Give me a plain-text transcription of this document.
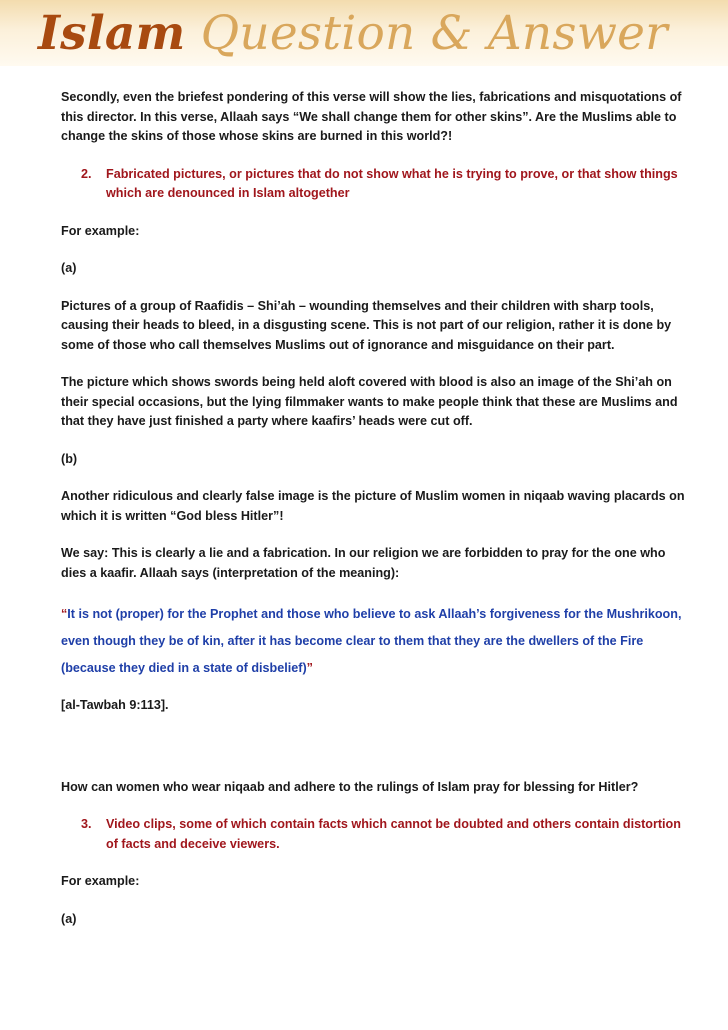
Islam Question & Answer

Secondly, even the briefest pondering of this verse will show the lies, fabrications and misquotations of this director. In this verse, Allaah says “We shall change them for other skins”. Are the Muslims able to change the skins of those whose skins are burned in this world?!

2.	Fabricated pictures, or pictures that do not show what he is trying to prove, or that show things which are denounced in Islam altogether

For example:

(a)

Pictures of a group of Raafidis – Shi’ah – wounding themselves and their children with sharp tools, causing their heads to bleed, in a disgusting scene. This is not part of our religion, rather it is done by some of those who call themselves Muslims out of ignorance and misguidance on their part.

The picture which shows swords being held aloft covered with blood is also an image of the Shi’ah on their special occasions, but the lying filmmaker wants to make people think that these are Muslims and that they have just finished a party where kaafirs’ heads were cut off.

(b)

Another ridiculous and clearly false image is the picture of Muslim women in niqaab waving placards on which it is written “God bless Hitler”!

We say: This is clearly a lie and a fabrication. In our religion we are forbidden to pray for the one who dies a kaafir. Allaah says (interpretation of the meaning):

“It is not (proper) for the Prophet and those who believe to ask Allaah’s forgiveness for the Mushrikoon, even though they be of kin, after it has become clear to them that they are the dwellers of the Fire (because they died in a state of disbelief)”

[al-Tawbah 9:113].

How can women who wear niqaab and adhere to the rulings of Islam pray for blessing for Hitler?

3.	Video clips, some of which contain facts which cannot be doubted and others contain distortion of facts and deceive viewers.

For example:

(a)
